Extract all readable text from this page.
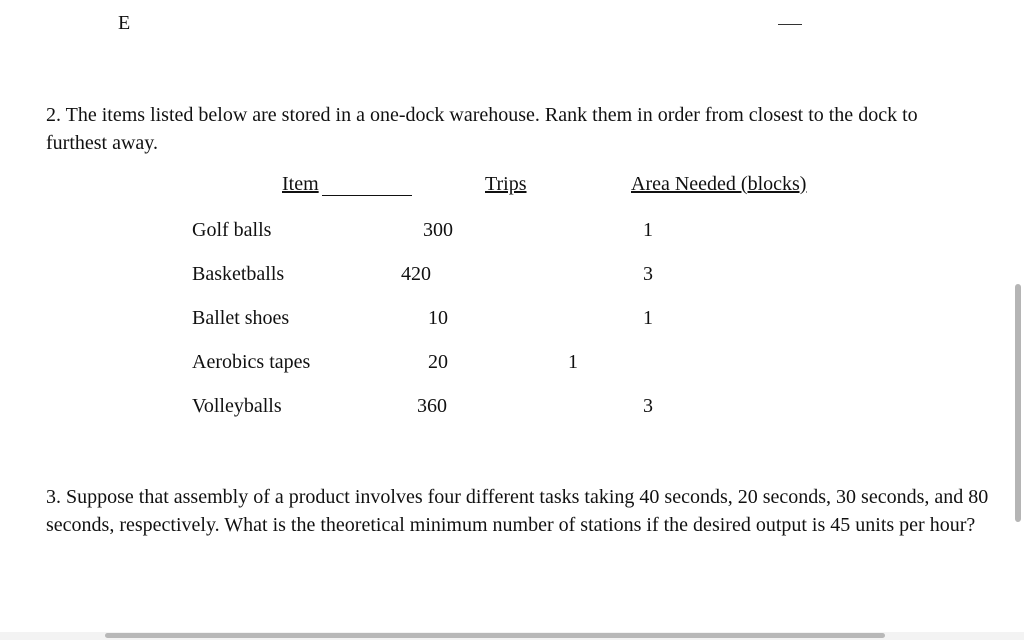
E
2. The items listed below are stored in a one-dock warehouse. Rank them in order from closest to the dock to furthest away.
Item	Trips	Area Needed (blocks)
Golf balls	300	1
Basketballs	420	3
Ballet shoes	10	1
Aerobics tapes	20	1
Volleyballs	360	3
3. Suppose that assembly of a product involves four different tasks taking 40 seconds, 20 seconds, 30 seconds, and 80 seconds, respectively. What is the theoretical minimum number of stations if the desired output is 45 units per hour?
